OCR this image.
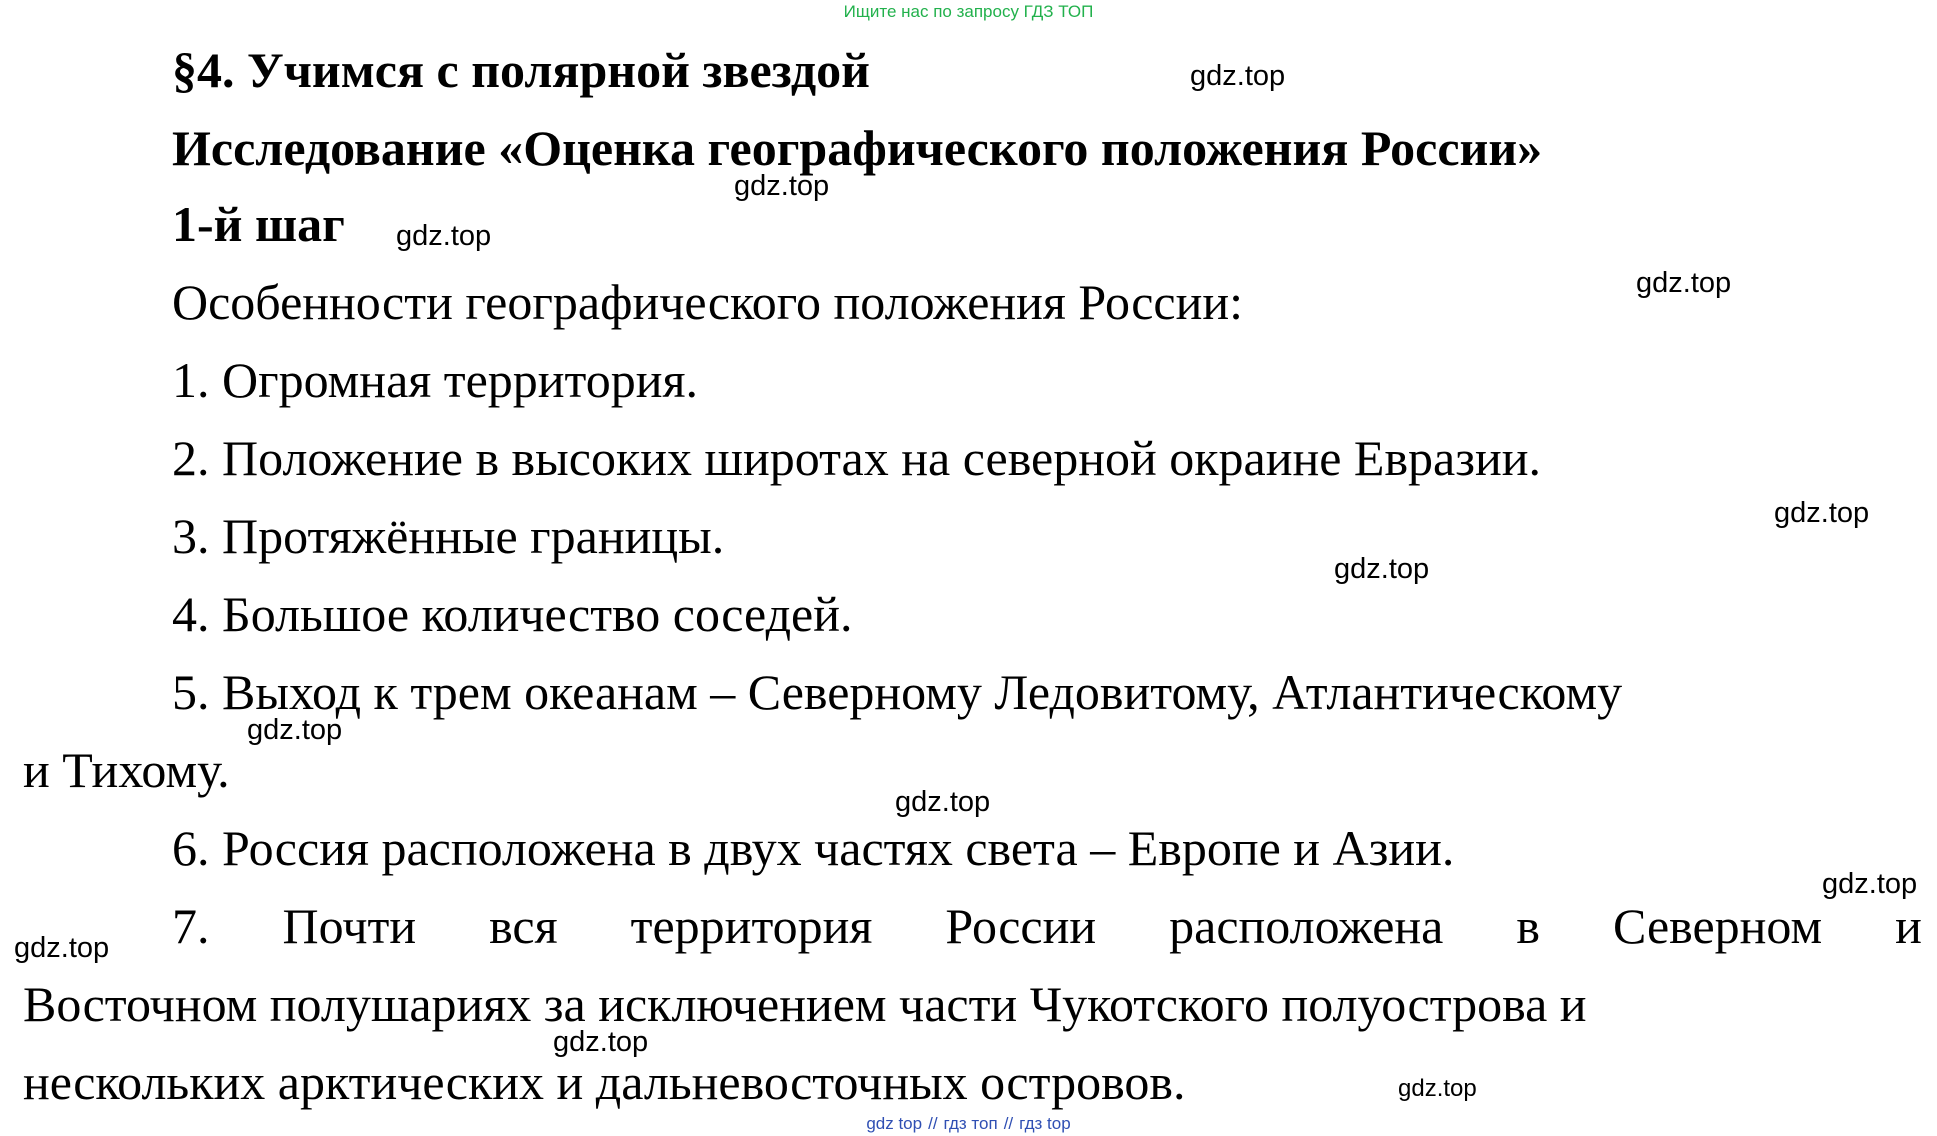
Ищите нас по запросу ГДЗ ТОП
§4. Учимся с полярной звездой
Исследование «Оценка географического положения России»
1-й шаг
Особенности географического положения России:
1. Огромная территория.
2. Положение в высоких широтах на северной окраине Евразии.
3. Протяжённые границы.
4. Большое количество соседей.
5. Выход к трем океанам – Северному Ледовитому, Атлантическому
и Тихому.
6. Россия расположена в двух частях света – Европе и Азии.
7. Почти вся территория России расположена в Северном и
Восточном полушариях за исключением части Чукотского полуострова и
нескольких арктических и дальневосточных островов.
gdz.top
gdz.top
gdz.top
gdz.top
gdz.top
gdz.top
gdz.top
gdz.top
gdz.top
gdz.top
gdz.top
gdz.top
gdz top // гдз топ // гдз top
